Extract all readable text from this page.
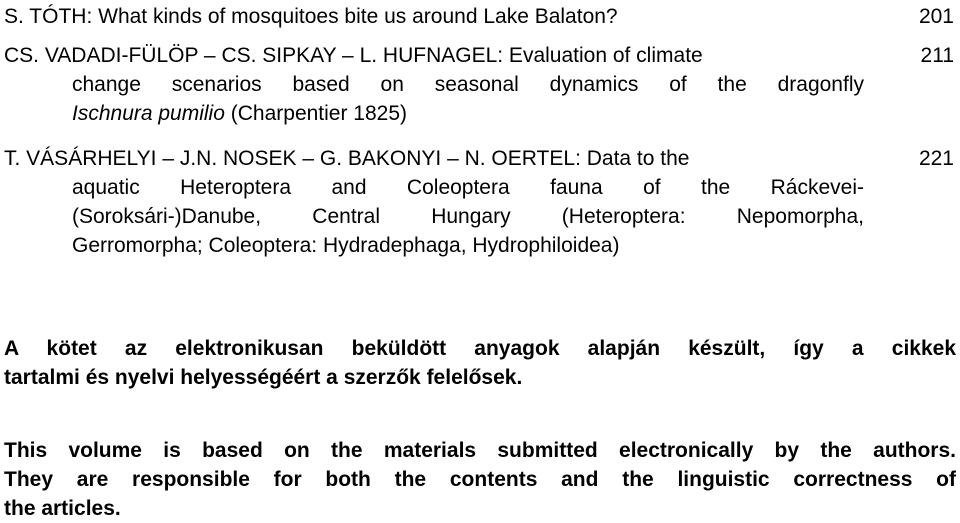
S. TÓTH: What kinds of mosquitoes bite us around Lake Balaton?	201
CS. VADADI-FÜLÖP – CS. SIPKAY – L. HUFNAGEL: Evaluation of climate	211
change scenarios based on seasonal dynamics of the dragonfly
Ischnura pumilio (Charpentier 1825)
T. VÁSÁRHELYI – J.N. NOSEK – G. BAKONYI – N. OERTEL: Data to the	221
aquatic Heteroptera and Coleoptera fauna of the Ráckevei-
(Soroksári-)Danube, Central Hungary (Heteroptera: Nepomorpha,
Gerromorpha; Coleoptera: Hydradephaga, Hydrophiloidea)
A kötet az elektronikusan beküldött anyagok alapján készült, így a cikkek
tartalmi és nyelvi helyességéért a szerzők felelősek.
This volume is based on the materials submitted electronically by the authors.
They are responsible for both the contents and the linguistic correctness of
the articles.
